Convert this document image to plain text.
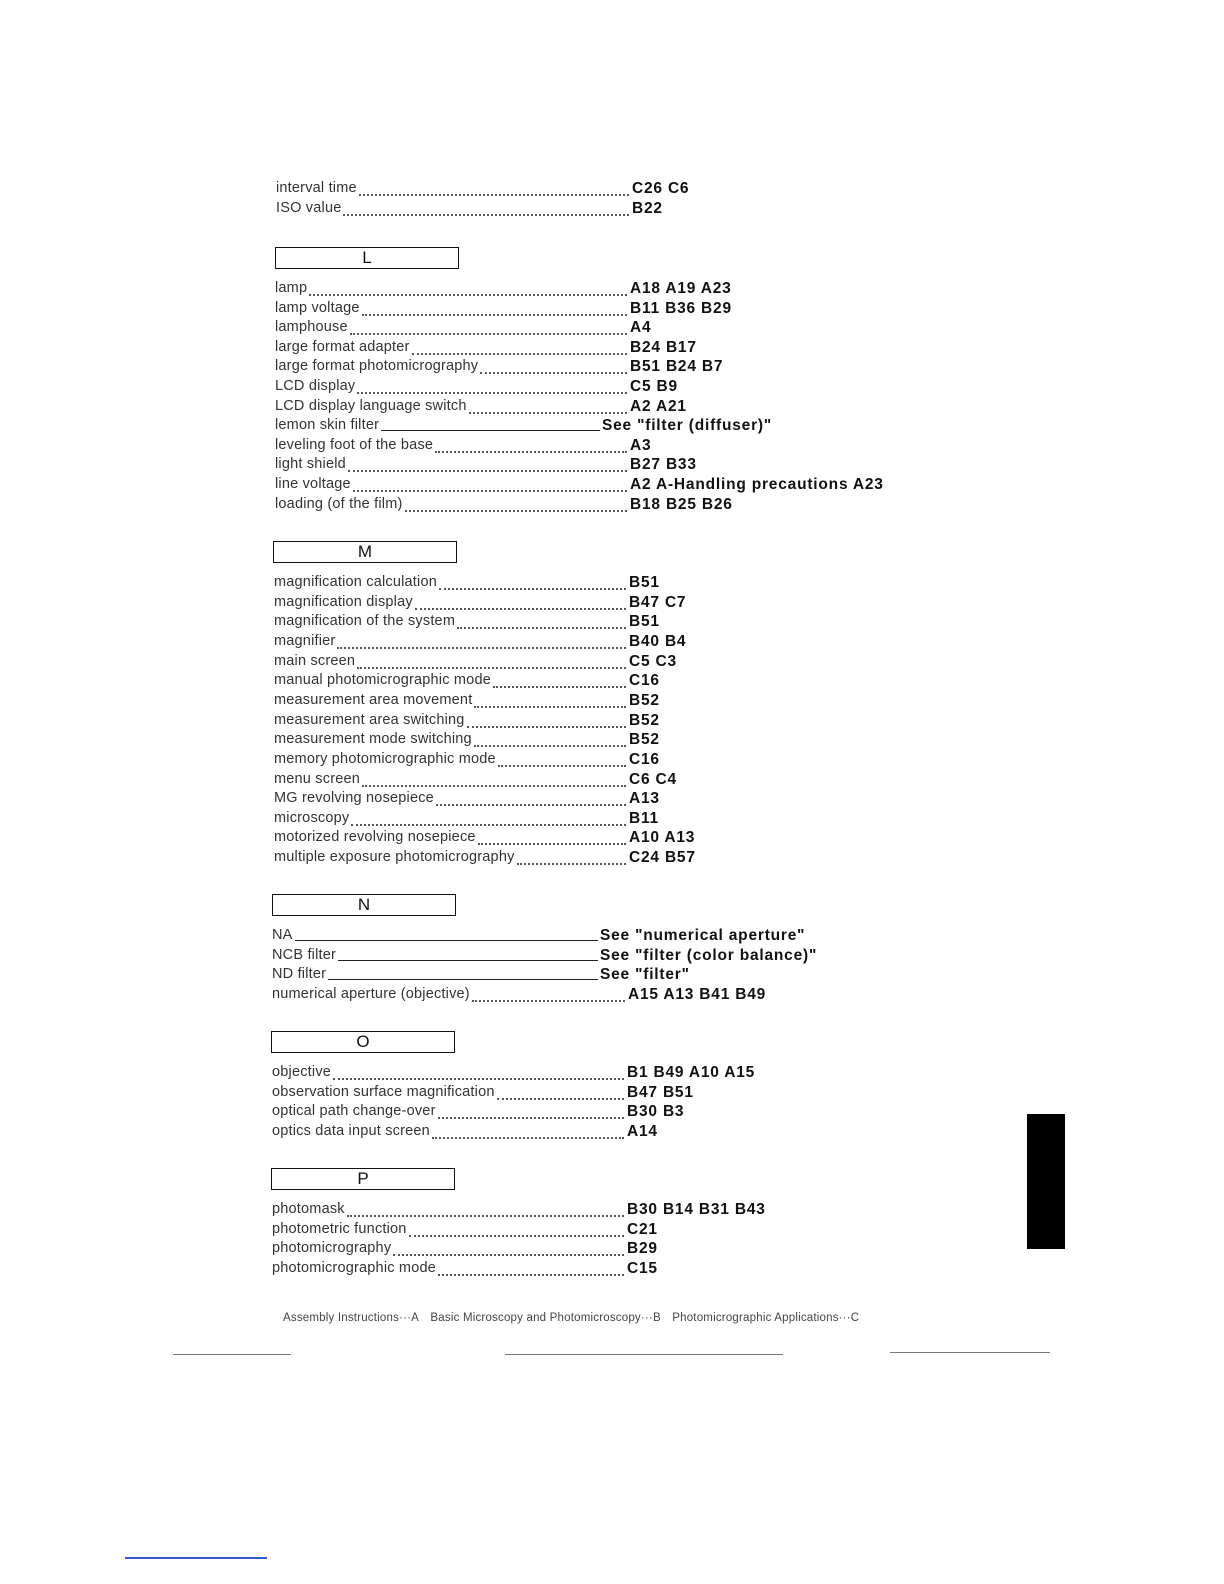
interval time	C26 C6
ISO value	B22
L
lamp	A18 A19 A23
lamp voltage	B11 B36 B29
lamphouse	A4
large format adapter	B24 B17
large format photomicrography	B51 B24 B7
LCD display	C5 B9
LCD display language switch	A2 A21
lemon skin filter	See "filter (diffuser)"
leveling foot of the base	A3
light shield	B27 B33
line voltage	A2 A-Handling precautions A23
loading (of the film)	B18 B25 B26
M
magnification calculation	B51
magnification display	B47 C7
magnification of the system	B51
magnifier	B40 B4
main screen	C5 C3
manual photomicrographic mode	C16
measurement area movement	B52
measurement area switching	B52
measurement mode switching	B52
memory photomicrographic mode	C16
menu screen	C6 C4
MG revolving nosepiece	A13
microscopy	B11
motorized revolving nosepiece	A10 A13
multiple exposure photomicrography	C24 B57
N
NA	See "numerical aperture"
NCB filter	See "filter (color balance)"
ND filter	See "filter"
numerical aperture (objective)	A15 A13 B41 B49
O
objective	B1 B49 A10 A15
observation surface magnification	B47 B51
optical path change-over	B30 B3
optics data input screen	A14
P
photomask	B30 B14 B31 B43
photometric function	C21
photomicrography	B29
photomicrographic mode	C15
Assembly Instructions···A Basic Microscopy and Photomicroscopy···B Photomicrographic Applications···C
